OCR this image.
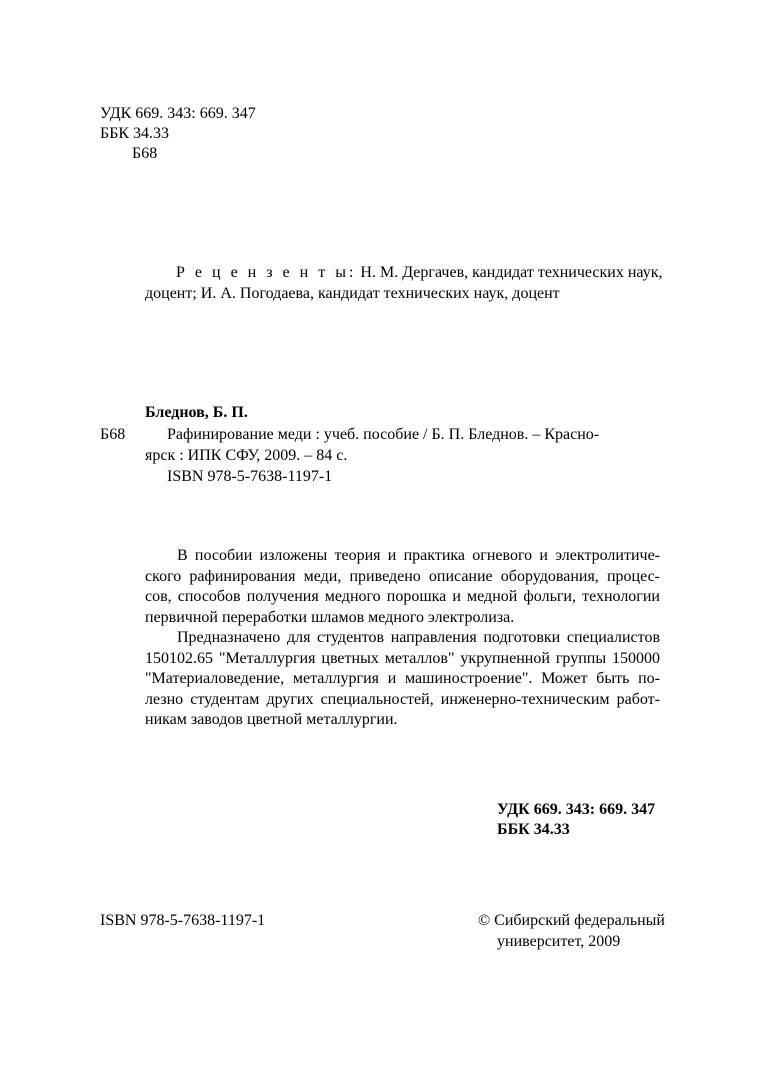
УДК 669. 343: 669. 347
ББК 34.33
Б68
Р е ц е н з е н т ы: Н. М. Дергачев, кандидат технических наук,
доцент; И. А. Погодаева, кандидат технических наук, доцент
Бледнов, Б. П.
Б68	Рафинирование меди : учеб. пособие / Б. П. Бледнов. – Красно-
ярск : ИПК СФУ, 2009. – 84 с.
ISBN 978-5-7638-1197-1
В пособии изложены теория и практика огневого и электролитиче-
ского рафинирования меди, приведено описание оборудования, процес-
сов, способов получения медного порошка и медной фольги, технологии
первичной переработки шламов медного электролиза.
Предназначено для студентов направления подготовки специалистов
150102.65 "Металлургия цветных металлов" укрупненной группы 150000
"Материаловедение, металлургия и машиностроение". Может быть по-
лезно студентам других специальностей, инженерно-техническим работ-
никам заводов цветной металлургии.
УДК 669. 343: 669. 347
ББК 34.33
ISBN 978-5-7638-1197-1	© Сибирский федеральный
университет, 2009
